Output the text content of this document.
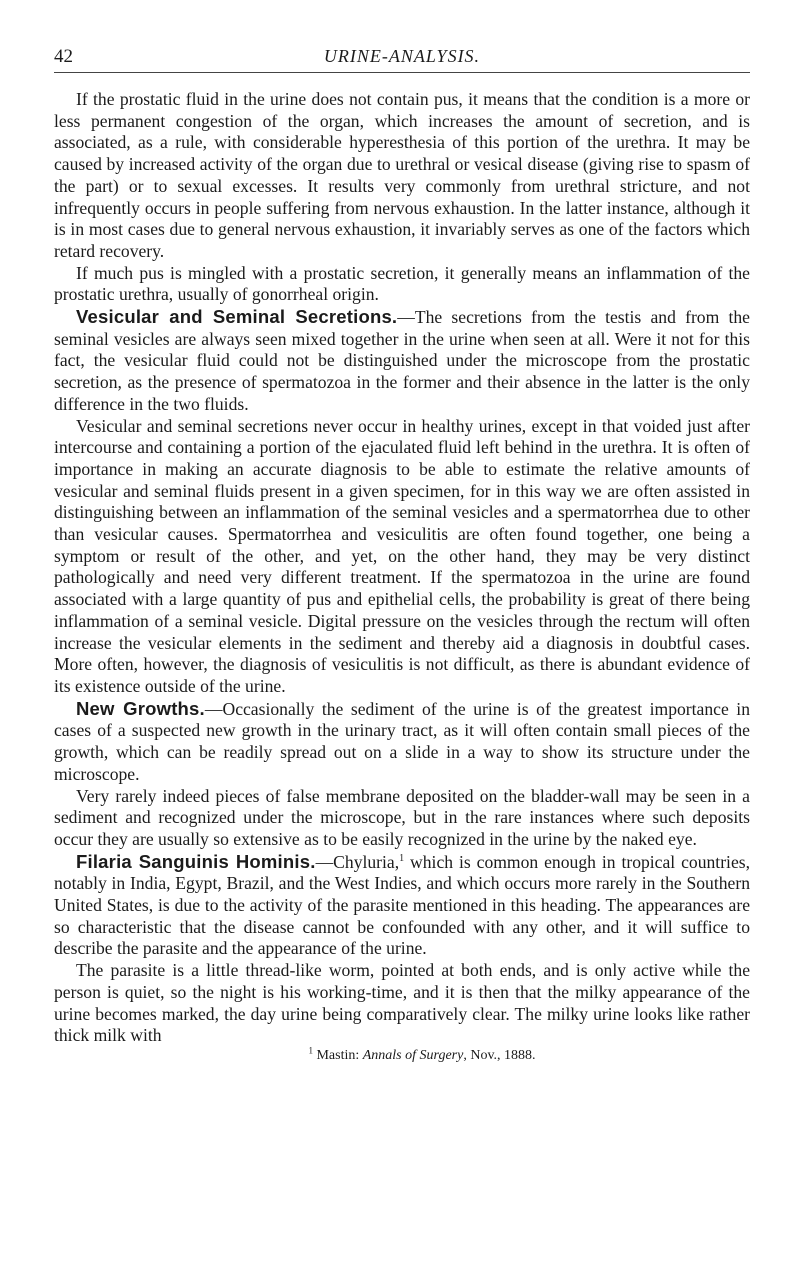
42	URINE-ANALYSIS.

If the prostatic fluid in the urine does not contain pus, it means that the condition is a more or less permanent congestion of the organ, which increases the amount of secretion, and is associated, as a rule, with considerable hyperesthesia of this portion of the urethra. It may be caused by increased activity of the organ due to urethral or vesical disease (giving rise to spasm of the part) or to sexual excesses. It results very commonly from urethral stricture, and not infrequently occurs in people suffering from nervous exhaustion. In the latter instance, although it is in most cases due to general nervous exhaustion, it invariably serves as one of the factors which retard recovery.

If much pus is mingled with a prostatic secretion, it generally means an inflammation of the prostatic urethra, usually of gonorrheal origin.

Vesicular and Seminal Secretions.—The secretions from the testis and from the seminal vesicles are always seen mixed together in the urine when seen at all. Were it not for this fact, the vesicular fluid could not be distinguished under the microscope from the prostatic secretion, as the presence of spermatozoa in the former and their absence in the latter is the only difference in the two fluids.

Vesicular and seminal secretions never occur in healthy urines, except in that voided just after intercourse and containing a portion of the ejaculated fluid left behind in the urethra. It is often of importance in making an accurate diagnosis to be able to estimate the relative amounts of vesicular and seminal fluids present in a given specimen, for in this way we are often assisted in distinguishing between an inflammation of the seminal vesicles and a spermatorrhea due to other than vesicular causes. Spermatorrhea and vesiculitis are often found together, one being a symptom or result of the other, and yet, on the other hand, they may be very distinct pathologically and need very different treatment. If the spermatozoa in the urine are found associated with a large quantity of pus and epithelial cells, the probability is great of there being inflammation of a seminal vesicle. Digital pressure on the vesicles through the rectum will often increase the vesicular elements in the sediment and thereby aid a diagnosis in doubtful cases. More often, however, the diagnosis of vesiculitis is not difficult, as there is abundant evidence of its existence outside of the urine.

New Growths.—Occasionally the sediment of the urine is of the greatest importance in cases of a suspected new growth in the urinary tract, as it will often contain small pieces of the growth, which can be readily spread out on a slide in a way to show its structure under the microscope.

Very rarely indeed pieces of false membrane deposited on the bladder-wall may be seen in a sediment and recognized under the microscope, but in the rare instances where such deposits occur they are usually so extensive as to be easily recognized in the urine by the naked eye.

Filaria Sanguinis Hominis.—Chyluria,$^1$ which is common enough in tropical countries, notably in India, Egypt, Brazil, and the West Indies, and which occurs more rarely in the Southern United States, is due to the activity of the parasite mentioned in this heading. The appearances are so characteristic that the disease cannot be confounded with any other, and it will suffice to describe the parasite and the appearance of the urine.

The parasite is a little thread-like worm, pointed at both ends, and is only active while the person is quiet, so the night is his working-time, and it is then that the milky appearance of the urine becomes marked, the day urine being comparatively clear. The milky urine looks like rather thick milk with

$^1$ Mastin: Annals of Surgery, Nov., 1888.
